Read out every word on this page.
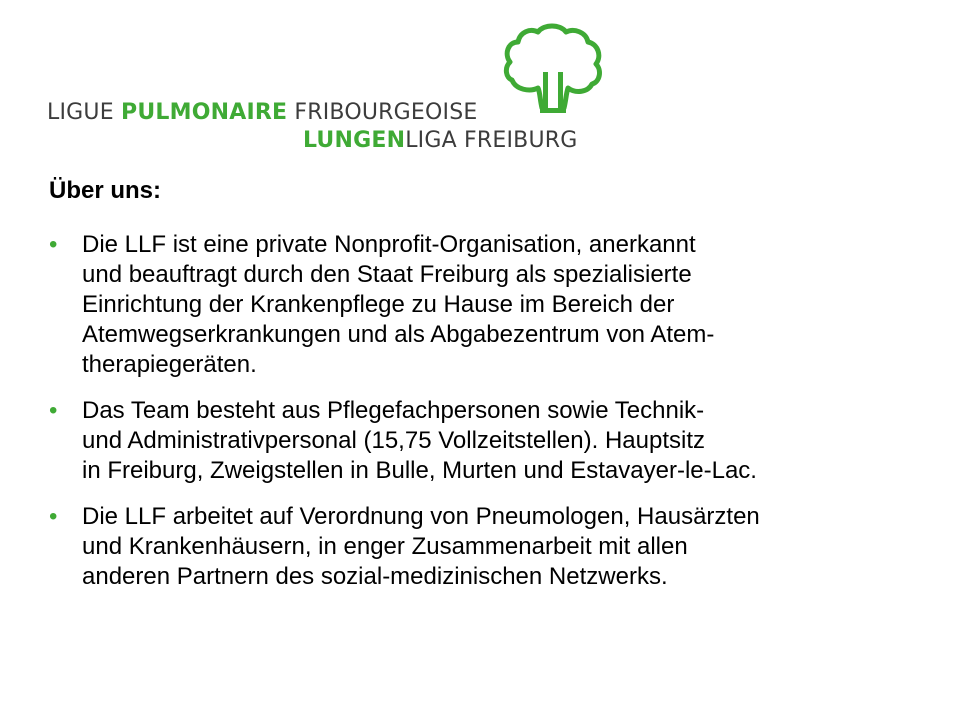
LIGUE PULMONAIRE FRIBOURGEOISE
LUNGENLIGA FREIBURG
Über uns:
• Die LLF ist eine private Nonprofit-Organisation, anerkannt
und beauftragt durch den Staat Freiburg als spezialisierte
Einrichtung der Krankenpflege zu Hause im Bereich der
Atemwegserkrankungen und als Abgabezentrum von Atem-
therapiegeräten.
• Das Team besteht aus Pflegefachpersonen sowie Technik-
und Administrativpersonal (15,75 Vollzeitstellen). Hauptsitz
in Freiburg, Zweigstellen in Bulle, Murten und Estavayer-le-Lac.
• Die LLF arbeitet auf Verordnung von Pneumologen, Hausärzten
und Krankenhäusern, in enger Zusammenarbeit mit allen
anderen Partnern des sozial-medizinischen Netzwerks.
